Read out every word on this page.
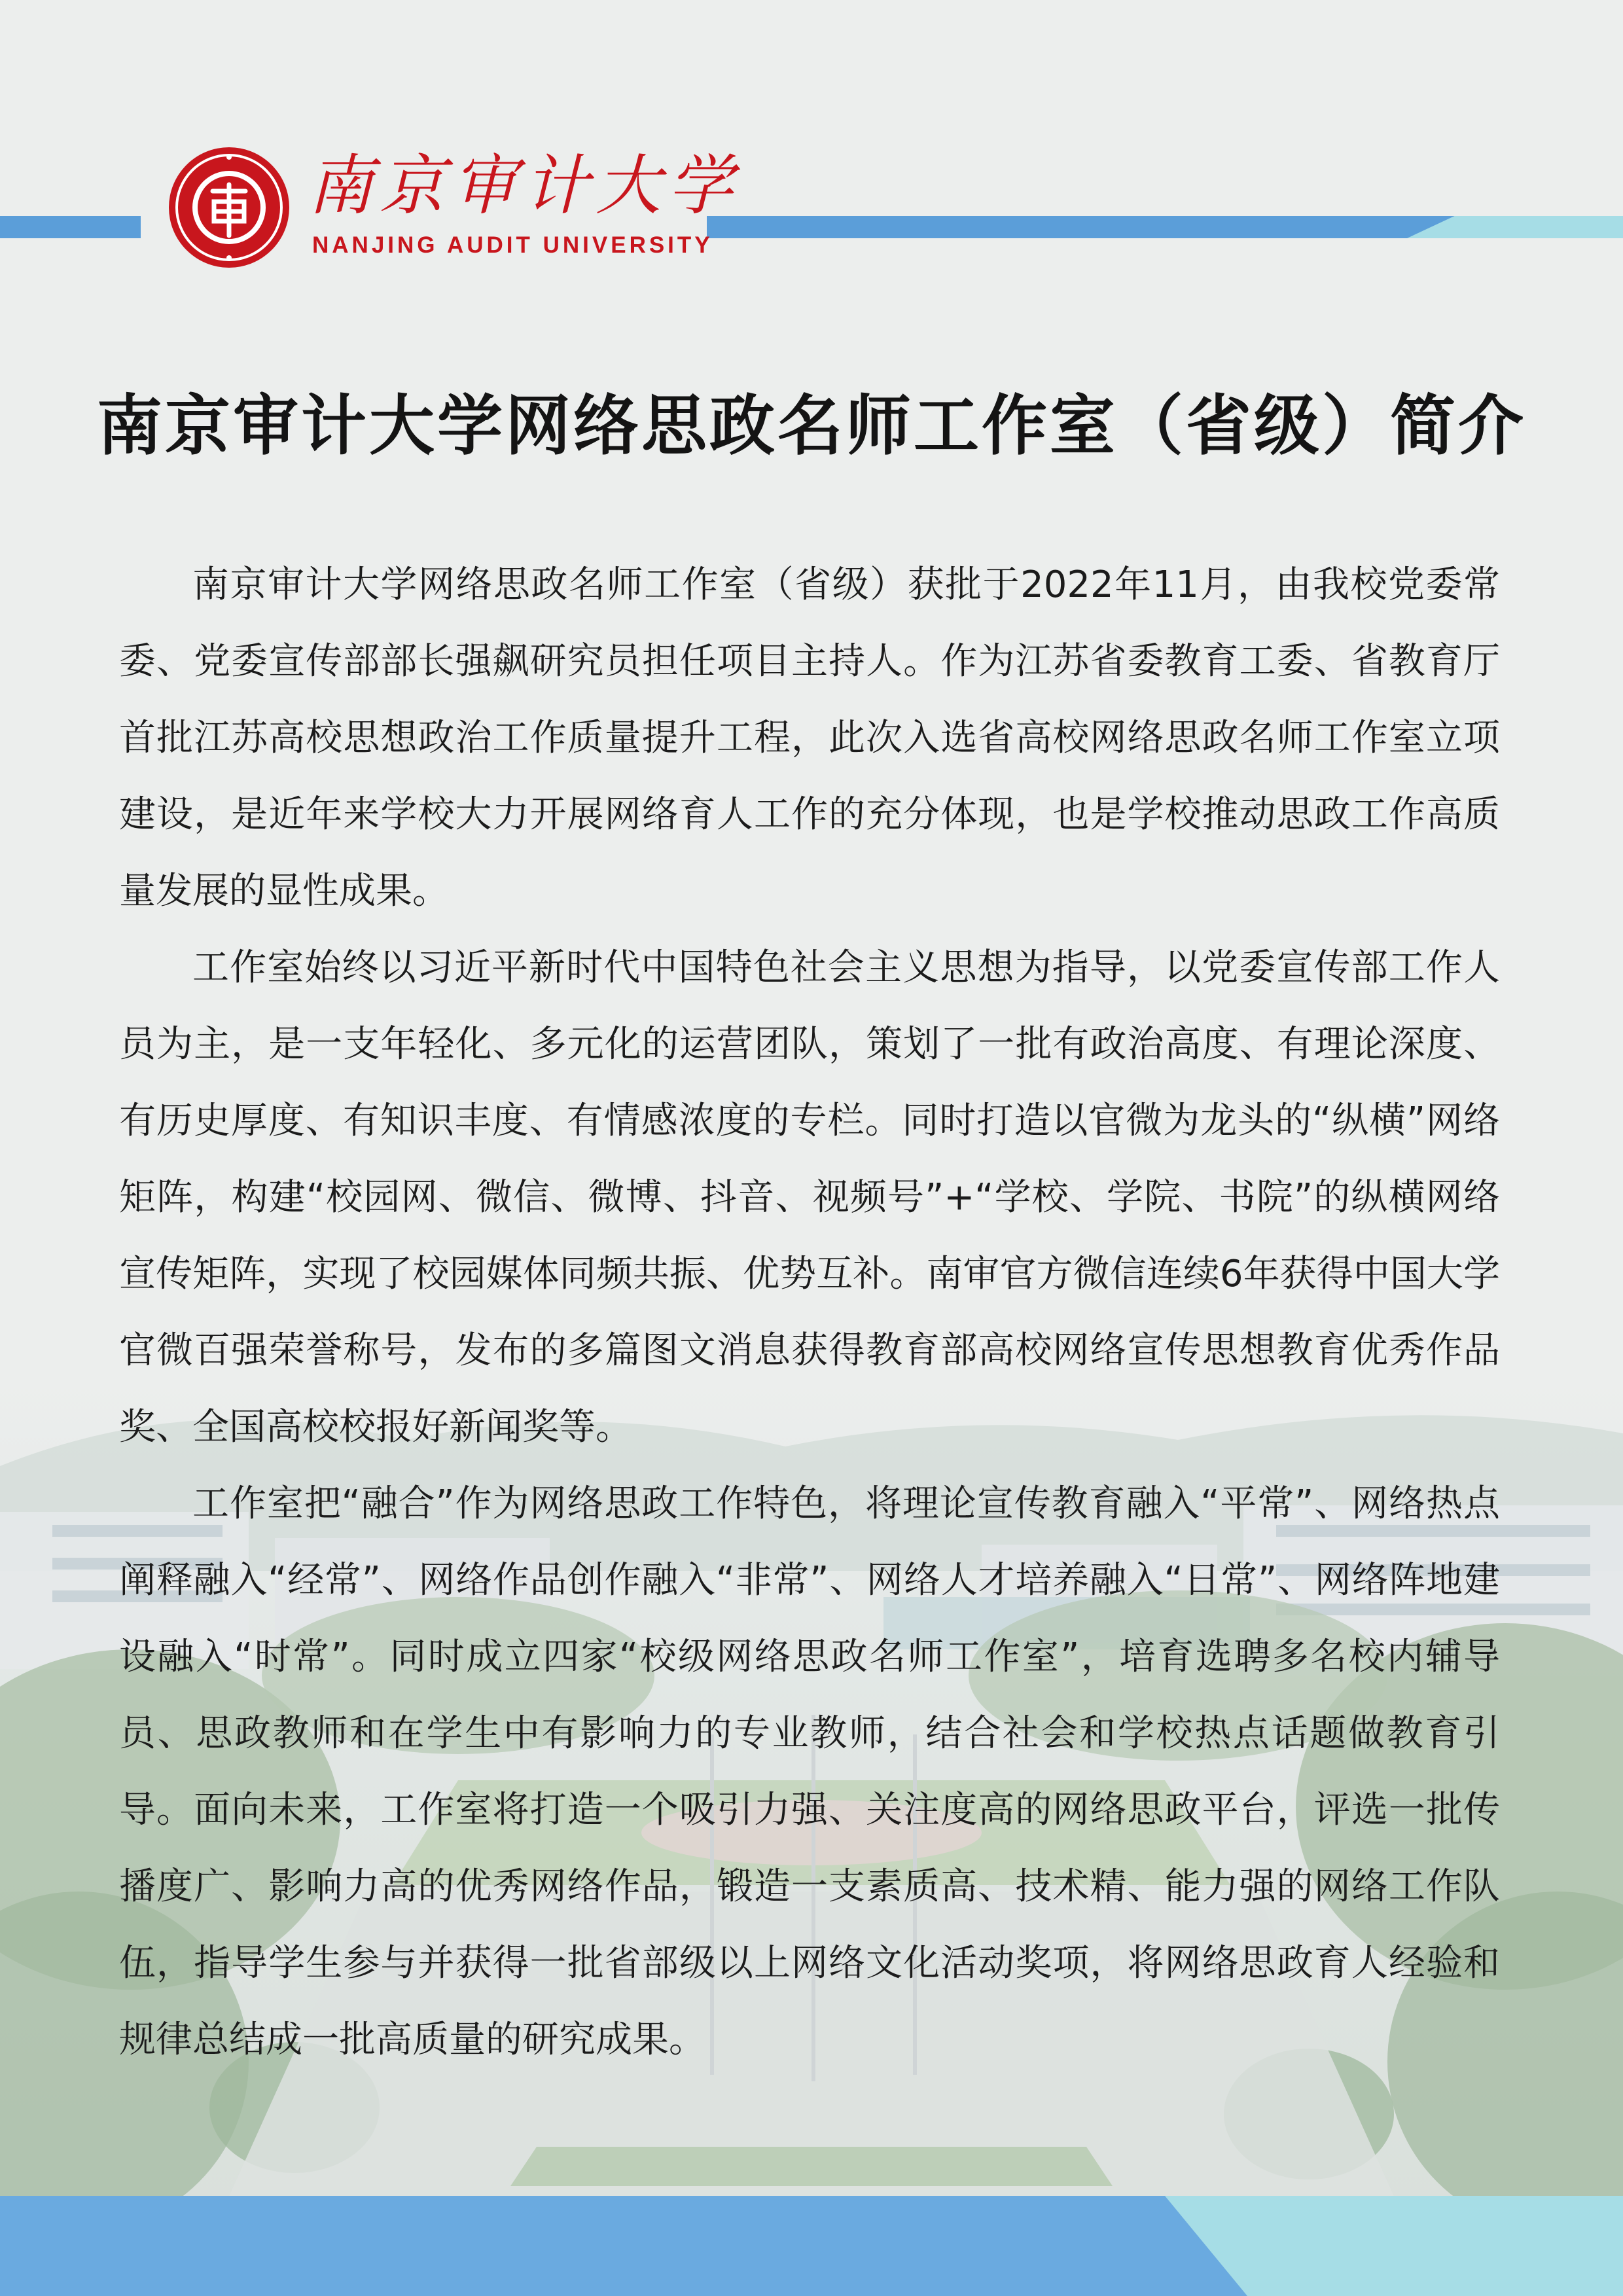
南京审计大学
NANJING AUDIT UNIVERSITY
南京审计大学网络思政名师工作室（省级）简介

南京审计大学网络思政名师工作室（省级）获批于2022年11月，由我校党委常委、党委宣传部部长强飙研究员担任项目主持人。作为江苏省委教育工委、省教育厅首批江苏高校思想政治工作质量提升工程，此次入选省高校网络思政名师工作室立项建设，是近年来学校大力开展网络育人工作的充分体现，也是学校推动思政工作高质量发展的显性成果。

工作室始终以习近平新时代中国特色社会主义思想为指导，以党委宣传部工作人员为主，是一支年轻化、多元化的运营团队，策划了一批有政治高度、有理论深度、有历史厚度、有知识丰度、有情感浓度的专栏。同时打造以官微为龙头的“纵横”网络矩阵，构建“校园网、微信、微博、抖音、视频号”+“学校、学院、书院”的纵横网络宣传矩阵，实现了校园媒体同频共振、优势互补。南审官方微信连续6年获得中国大学官微百强荣誉称号，发布的多篇图文消息获得教育部高校网络宣传思想教育优秀作品奖、全国高校校报好新闻奖等。

工作室把“融合”作为网络思政工作特色，将理论宣传教育融入“平常”、网络热点阐释融入“经常”、网络作品创作融入“非常”、网络人才培养融入“日常”、网络阵地建设融入“时常”。同时成立四家“校级网络思政名师工作室”，培育选聘多名校内辅导员、思政教师和在学生中有影响力的专业教师，结合社会和学校热点话题做教育引导。面向未来，工作室将打造一个吸引力强、关注度高的网络思政平台，评选一批传播度广、影响力高的优秀网络作品，锻造一支素质高、技术精、能力强的网络工作队伍，指导学生参与并获得一批省部级以上网络文化活动奖项，将网络思政育人经验和规律总结成一批高质量的研究成果。
